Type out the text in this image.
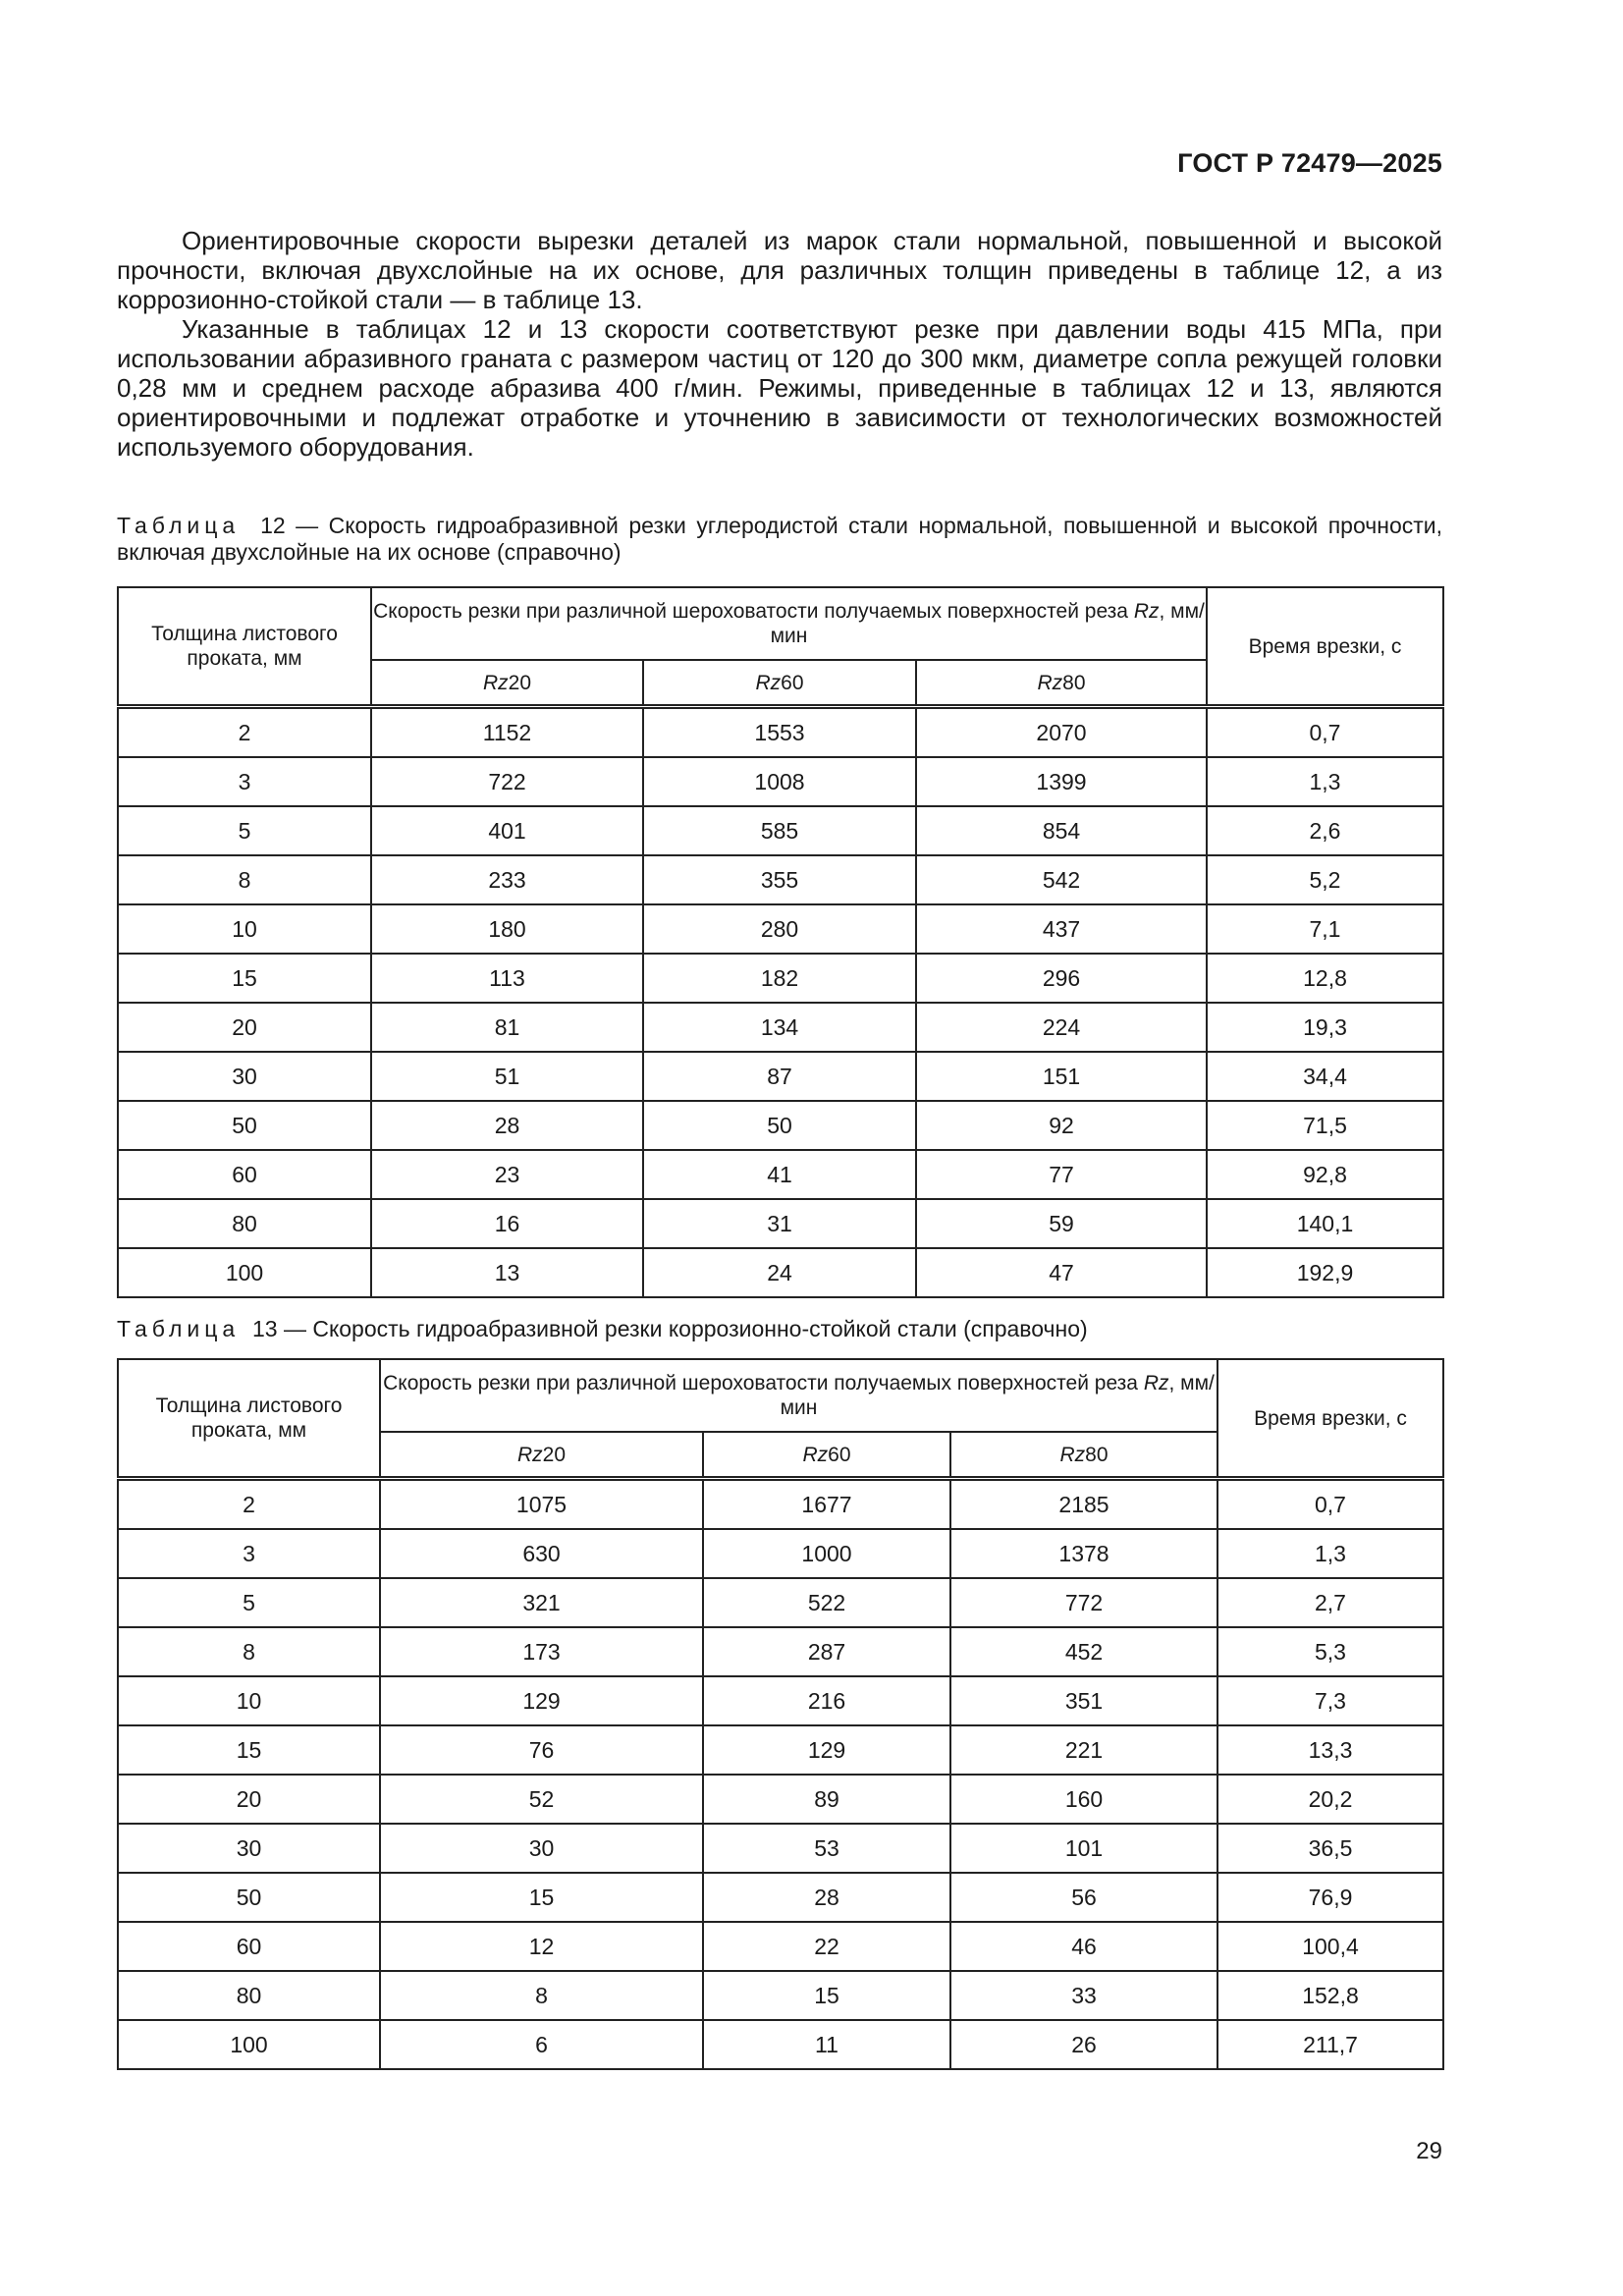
ГОСТ Р 72479—2025

Ориентировочные скорости вырезки деталей из марок стали нормальной, повышенной и высокой прочности, включая двухслойные на их основе, для различных толщин приведены в таблице 12, а из коррозионно-стойкой стали — в таблице 13.

Указанные в таблицах 12 и 13 скорости соответствуют резке при давлении воды 415 МПа, при использовании абразивного граната с размером частиц от 120 до 300 мкм, диаметре сопла режущей головки 0,28 мм и среднем расходе абразива 400 г/мин. Режимы, приведенные в таблицах 12 и 13, являются ориентировочными и подлежат отработке и уточнению в зависимости от технологических возможностей используемого оборудования.

Таблица 12 — Скорость гидроабразивной резки углеродистой стали нормальной, повышенной и высокой прочности, включая двухслойные на их основе (справочно)
Толщина листового проката, мм	Скорость резки при различной шероховатости получаемых поверхностей реза Rz, мм/мин			Время врезки, с
	Rz20	Rz60	Rz80	
2	1152	1553	2070	0,7
3	722	1008	1399	1,3
5	401	585	854	2,6
8	233	355	542	5,2
10	180	280	437	7,1
15	113	182	296	12,8
20	81	134	224	19,3
30	51	87	151	34,4
50	28	50	92	71,5
60	23	41	77	92,8
80	16	31	59	140,1
100	13	24	47	192,9
Таблица 13 — Скорость гидроабразивной резки коррозионно-стойкой стали (справочно)
Толщина листового проката, мм	Скорость резки при различной шероховатости получаемых поверхностей реза Rz, мм/мин			Время врезки, с
	Rz20	Rz60	Rz80	
2	1075	1677	2185	0,7
3	630	1000	1378	1,3
5	321	522	772	2,7
8	173	287	452	5,3
10	129	216	351	7,3
15	76	129	221	13,3
20	52	89	160	20,2
30	30	53	101	36,5
50	15	28	56	76,9
60	12	22	46	100,4
80	8	15	33	152,8
100	6	11	26	211,7
29
